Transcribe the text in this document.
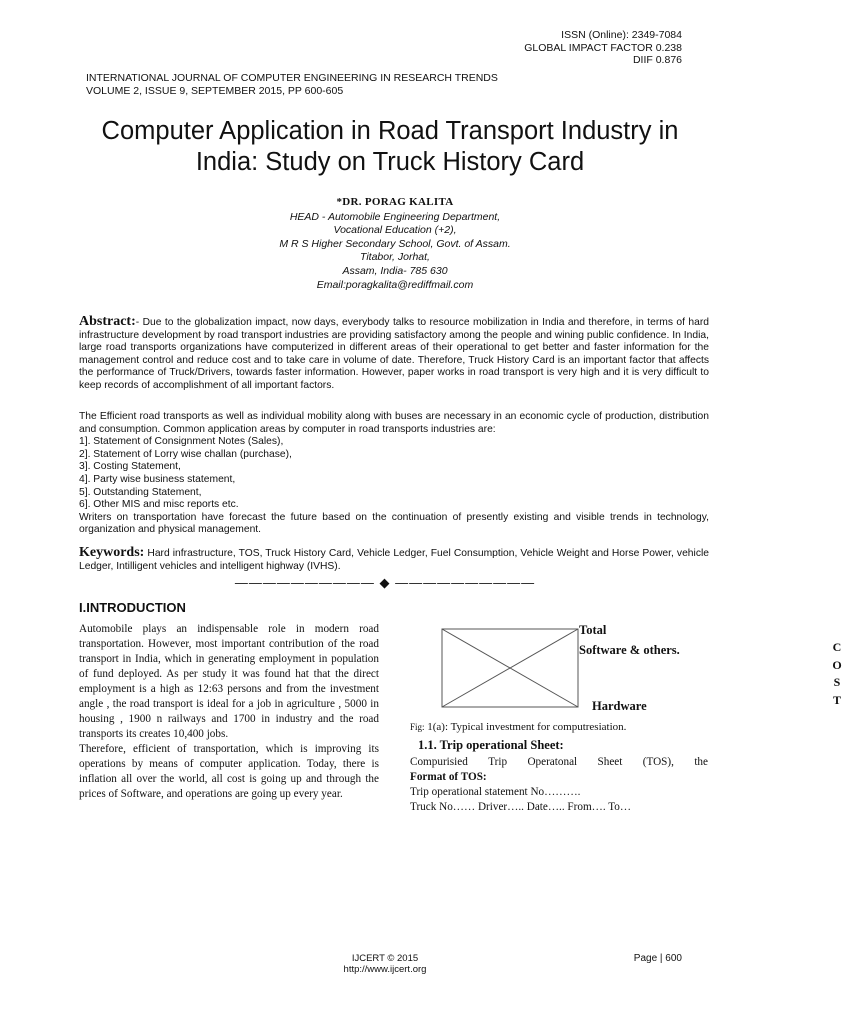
ISSN (Online): 2349-7084
GLOBAL IMPACT FACTOR 0.238
DIIF 0.876
INTERNATIONAL JOURNAL OF COMPUTER ENGINEERING IN RESEARCH TRENDS
VOLUME 2, ISSUE 9, SEPTEMBER 2015, PP 600-605
Computer Application in Road Transport Industry in
India: Study on Truck History Card
*DR. PORAG KALITA
HEAD - Automobile Engineering Department,
Vocational Education (+2),
M R S Higher Secondary School, Govt. of Assam.
Titabor, Jorhat,
Assam, India- 785 630
Email:poragkalita@rediffmail.com
Abstract:- Due to the globalization impact, now days, everybody talks to resource mobilization in India and therefore, in terms of hard infrastructure development by road transport industries are providing satisfactory among the people and wining public confidence. In India, large road transports organizations have computerized in different areas of their operational to get better and faster information for the management control and reduce cost and to take care in volume of date. Therefore, Truck History Card is an important factor that affects the performance of Truck/Drivers, towards faster information. However, paper works in road transport is very high and it is very difficult to keep records of accomplishment of all important factors.
The Efficient road transports as well as individual mobility along with buses are necessary in an economic cycle of production, distribution and consumption. Common application areas by computer in road transports industries are:
1]. Statement of Consignment Notes (Sales),
2]. Statement of Lorry wise challan (purchase),
3]. Costing Statement,
4]. Party wise business statement,
5]. Outstanding Statement,
6]. Other MIS and misc reports etc.
Writers on transportation have forecast the future based on the continuation of presently existing and visible trends in technology, organization and physical management.
Keywords: Hard infrastructure, TOS, Truck History Card, Vehicle Ledger, Fuel Consumption, Vehicle Weight and Horse Power, vehicle Ledger, Intilligent vehicles and intelligent highway (IVHS).
—————————— ◆ ——————————
I.INTRODUCTION

Automobile plays an indispensable role in modern road transportation. However, most important contribution of the road transport in India, which in generating employment in population of fund deployed. As per study it was found hat that the direct employment is a high as 12:63 persons and from the investment angle , the road transport is ideal for a job in agriculture , 5000 in housing , 1900 n railways and 1700 in industry and the road transports its creates 10,400 jobs.

Therefore, efficient of transportation, which is improving its operations by means of computer application. Today, there is inflation all over the world, all cost is going up and through the prices of Software, and operations are going up every year.

C
O
S
T
Total
Software & others.
Hardware
Fig: 1(a): Typical investment for computresiation.
1.1. Trip operational Sheet:
Compurisied Trip Operatonal Sheet (TOS), the
Format of TOS:
Trip operational statement No……….
Truck No…… Driver….. Date….. From…. To…
IJCERT © 2015
http://www.ijcert.org
Page | 600
